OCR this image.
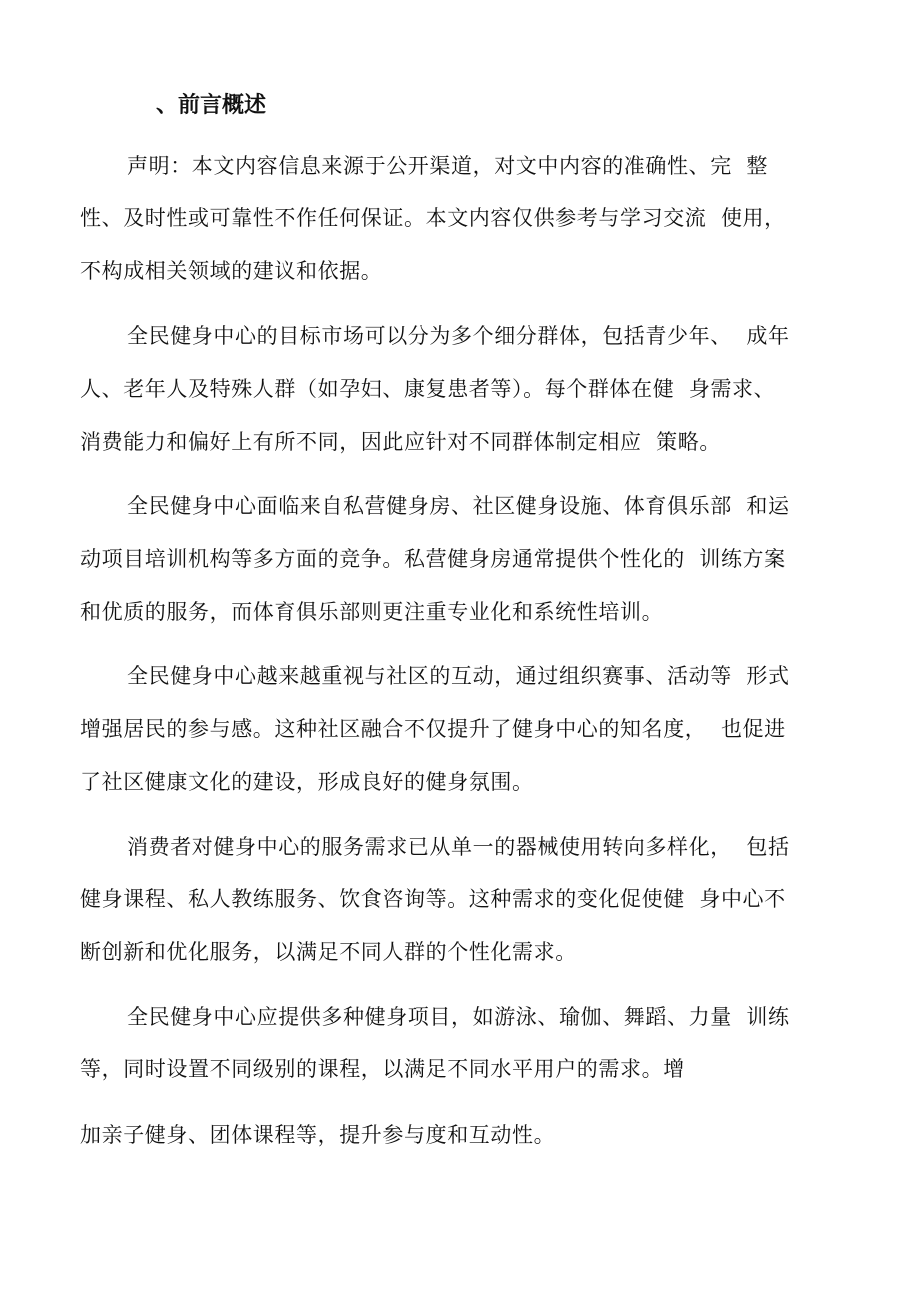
、前言概述
声明：本文内容信息来源于公开渠道，对文中内容的准确性、完  整
性、及时性或可靠性不作任何保证。本文内容仅供参考与学习交流  使用，
不构成相关领域的建议和依据。
全民健身中心的目标市场可以分为多个细分群体，包括青少年、  成年
人、老年人及特殊人群（如孕妇、康复患者等）。每个群体在健  身需求、
消费能力和偏好上有所不同，因此应针对不同群体制定相应  策略。
全民健身中心面临来自私营健身房、社区健身设施、体育俱乐部  和运
动项目培训机构等多方面的竞争。私营健身房通常提供个性化的  训练方案
和优质的服务，而体育俱乐部则更注重专业化和系统性培训。
全民健身中心越来越重视与社区的互动，通过组织赛事、活动等  形式
增强居民的参与感。这种社区融合不仅提升了健身中心的知名度，  也促进
了社区健康文化的建设，形成良好的健身氛围。
消费者对健身中心的服务需求已从单一的器械使用转向多样化，  包括
健身课程、私人教练服务、饮食咨询等。这种需求的变化促使健  身中心不
断创新和优化服务，以满足不同人群的个性化需求。
全民健身中心应提供多种健身项目，如游泳、瑜伽、舞蹈、力量  训练
等，同时设置不同级别的课程，以满足不同水平用户的需求。增
加亲子健身、团体课程等，提升参与度和互动性。
